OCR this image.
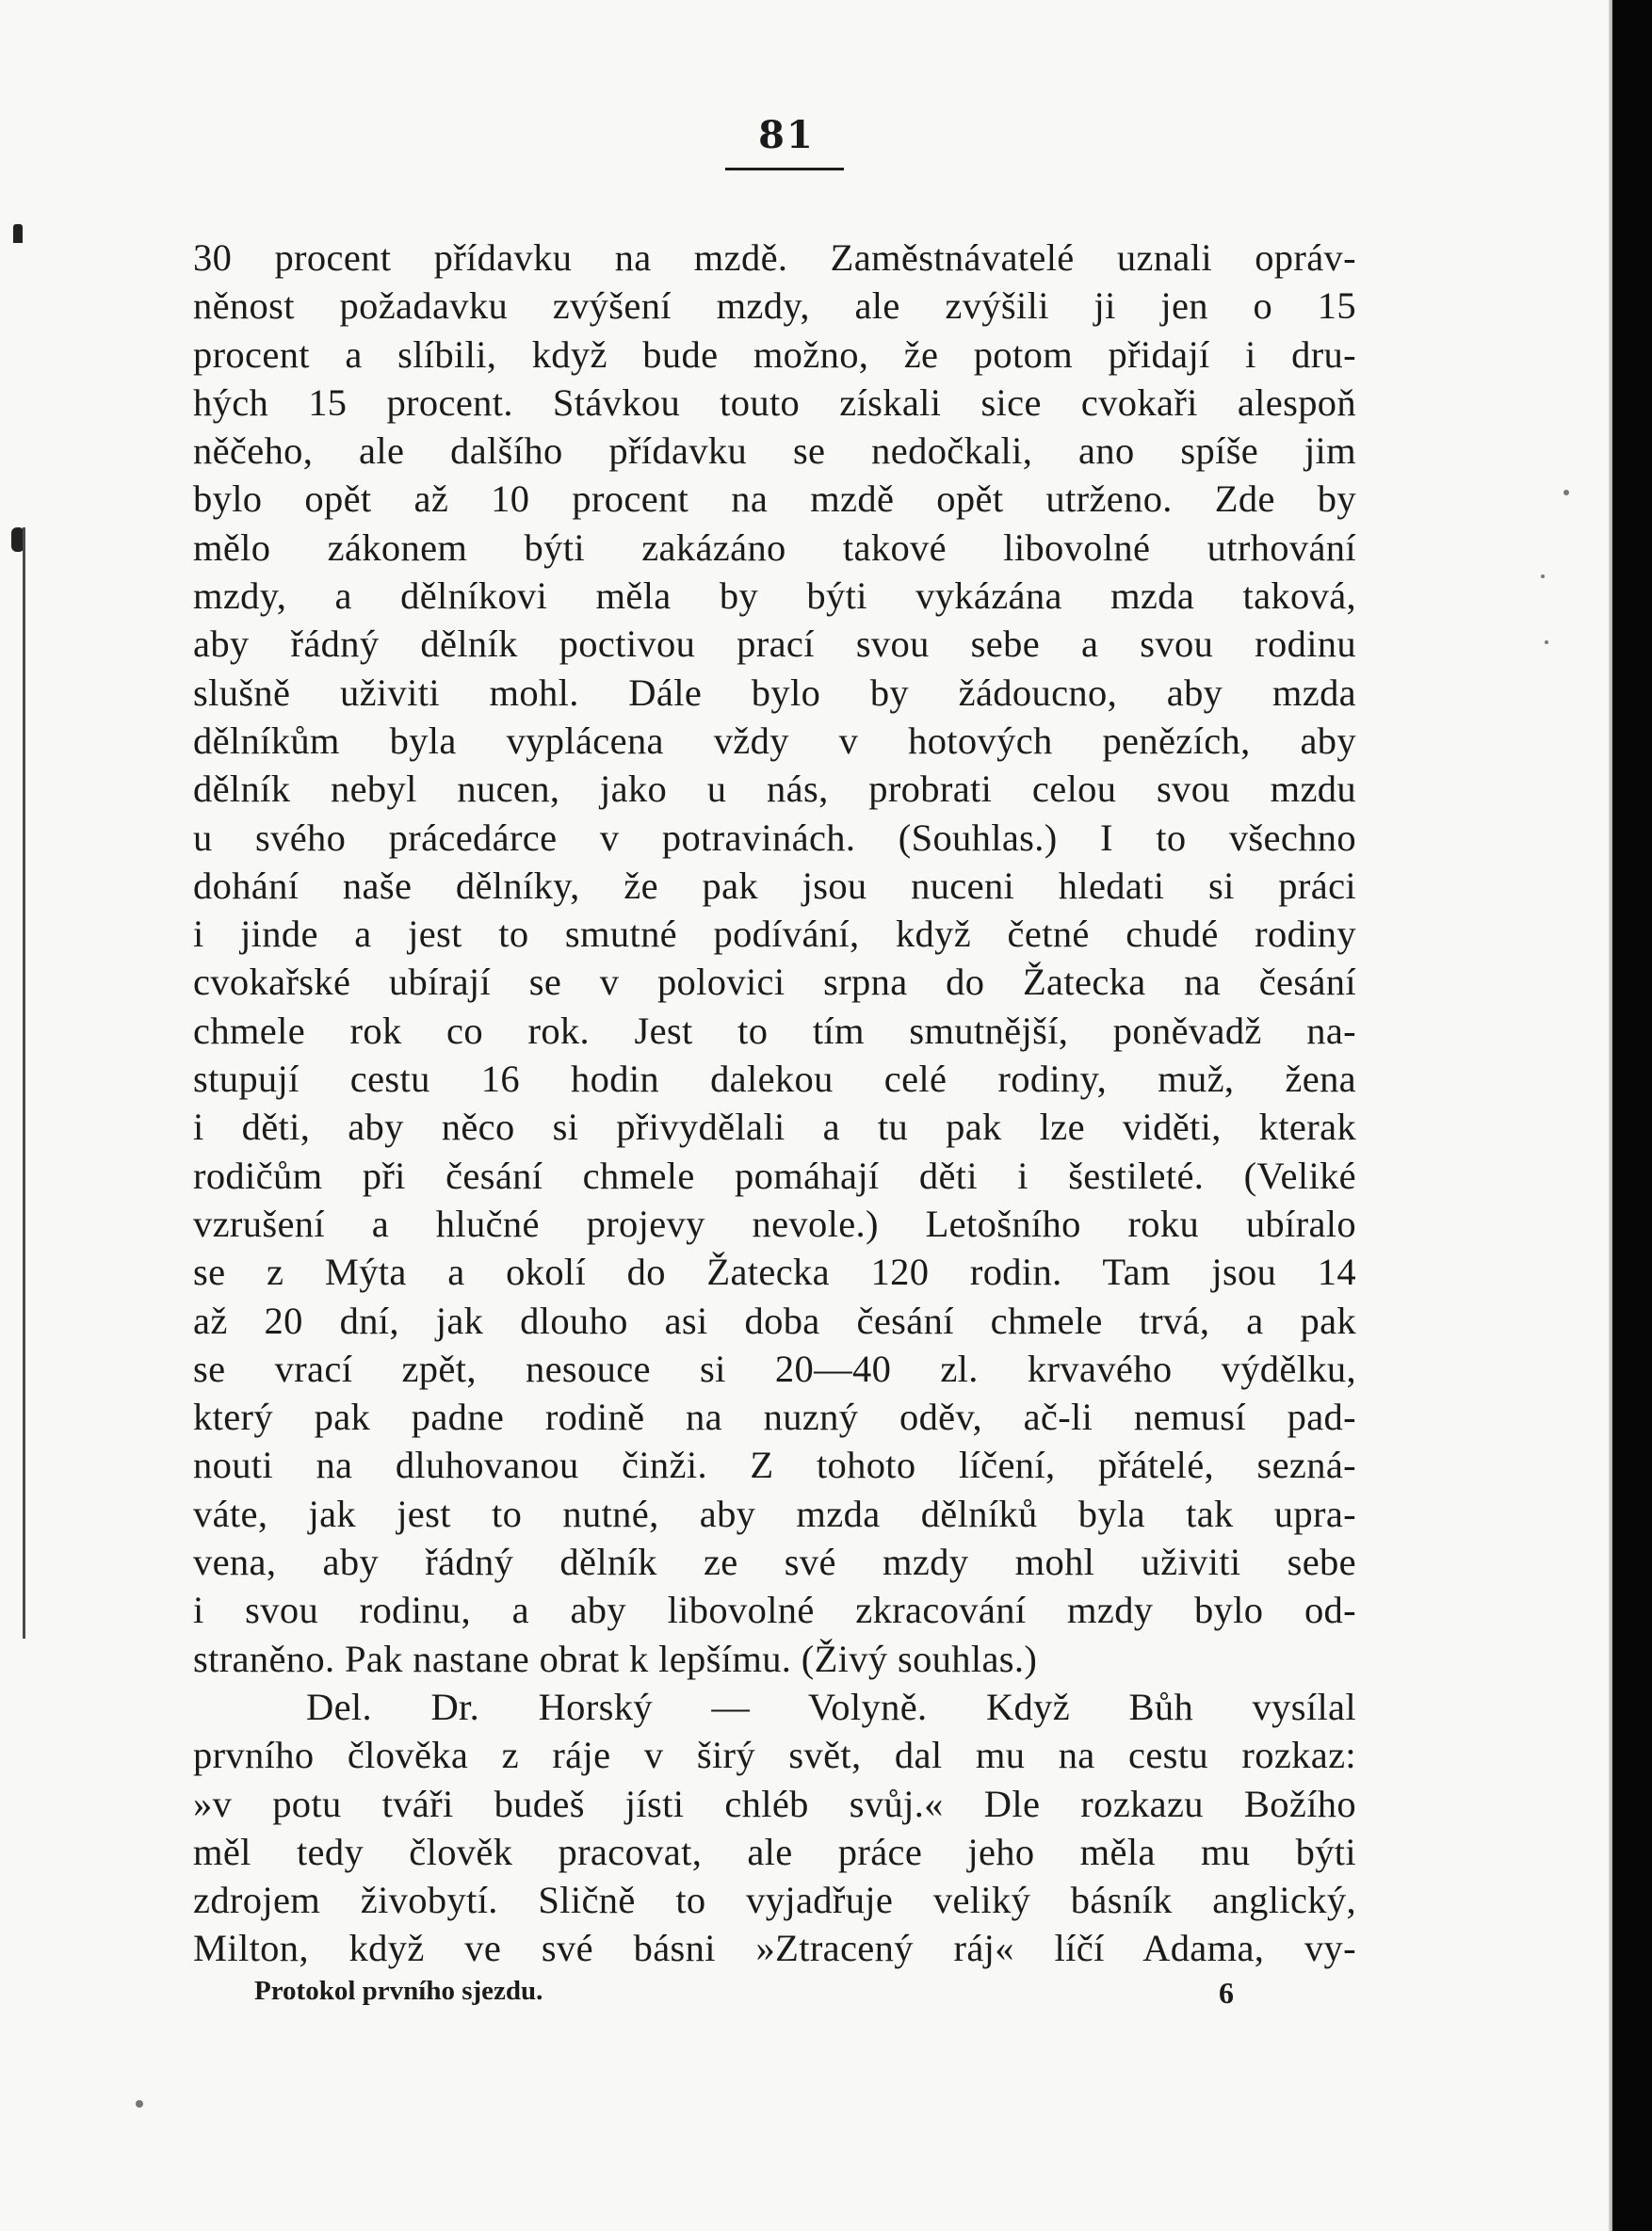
81
30 procent přídavku na mzdě. Zaměstnávatelé uznali opráv-
něnost požadavku zvýšení mzdy, ale zvýšili ji jen o 15
procent a slíbili, když bude možno, že potom přidají i dru-
hých 15 procent. Stávkou touto získali sice cvokaři alespoň
něčeho, ale dalšího přídavku se nedočkali, ano spíše jim
bylo opět až 10 procent na mzdě opět utrženo. Zde by
mělo zákonem býti zakázáno takové libovolné utrhování
mzdy, a dělníkovi měla by býti vykázána mzda taková,
aby řádný dělník poctivou prací svou sebe a svou rodinu
slušně uživiti mohl. Dále bylo by žádoucno, aby mzda
dělníkům byla vyplácena vždy v hotových penězích, aby
dělník nebyl nucen, jako u nás, probrati celou svou mzdu
u svého prácedárce v potravinách. (Souhlas.) I to všechno
dohání naše dělníky, že pak jsou nuceni hledati si práci
i jinde a jest to smutné podívání, když četné chudé rodiny
cvokařské ubírají se v polovici srpna do Žatecka na česání
chmele rok co rok. Jest to tím smutnější, poněvadž na-
stupují cestu 16 hodin dalekou celé rodiny, muž, žena
i děti, aby něco si přivydělali a tu pak lze viděti, kterak
rodičům při česání chmele pomáhají děti i šestileté. (Veliké
vzrušení a hlučné projevy nevole.) Letošního roku ubíralo
se z Mýta a okolí do Žatecka 120 rodin. Tam jsou 14
až 20 dní, jak dlouho asi doba česání chmele trvá, a pak
se vrací zpět, nesouce si 20—40 zl. krvavého výdělku,
který pak padne rodině na nuzný oděv, ač-li nemusí pad-
nouti na dluhovanou činži. Z tohoto líčení, přátelé, sezná-
váte, jak jest to nutné, aby mzda dělníků byla tak upra-
vena, aby řádný dělník ze své mzdy mohl uživiti sebe
i svou rodinu, a aby libovolné zkracování mzdy bylo od-
straněno. Pak nastane obrat k lepšímu. (Živý souhlas.)
Del. Dr. Horský — Volyně. Když Bůh vysílal
prvního člověka z ráje v širý svět, dal mu na cestu rozkaz:
»v potu tváři budeš jísti chléb svůj.« Dle rozkazu Božího
měl tedy člověk pracovat, ale práce jeho měla mu býti
zdrojem živobytí. Sličně to vyjadřuje veliký básník anglický,
Milton, když ve své básni »Ztracený ráj« líčí Adama, vy-
Protokol prvního sjezdu.	6
